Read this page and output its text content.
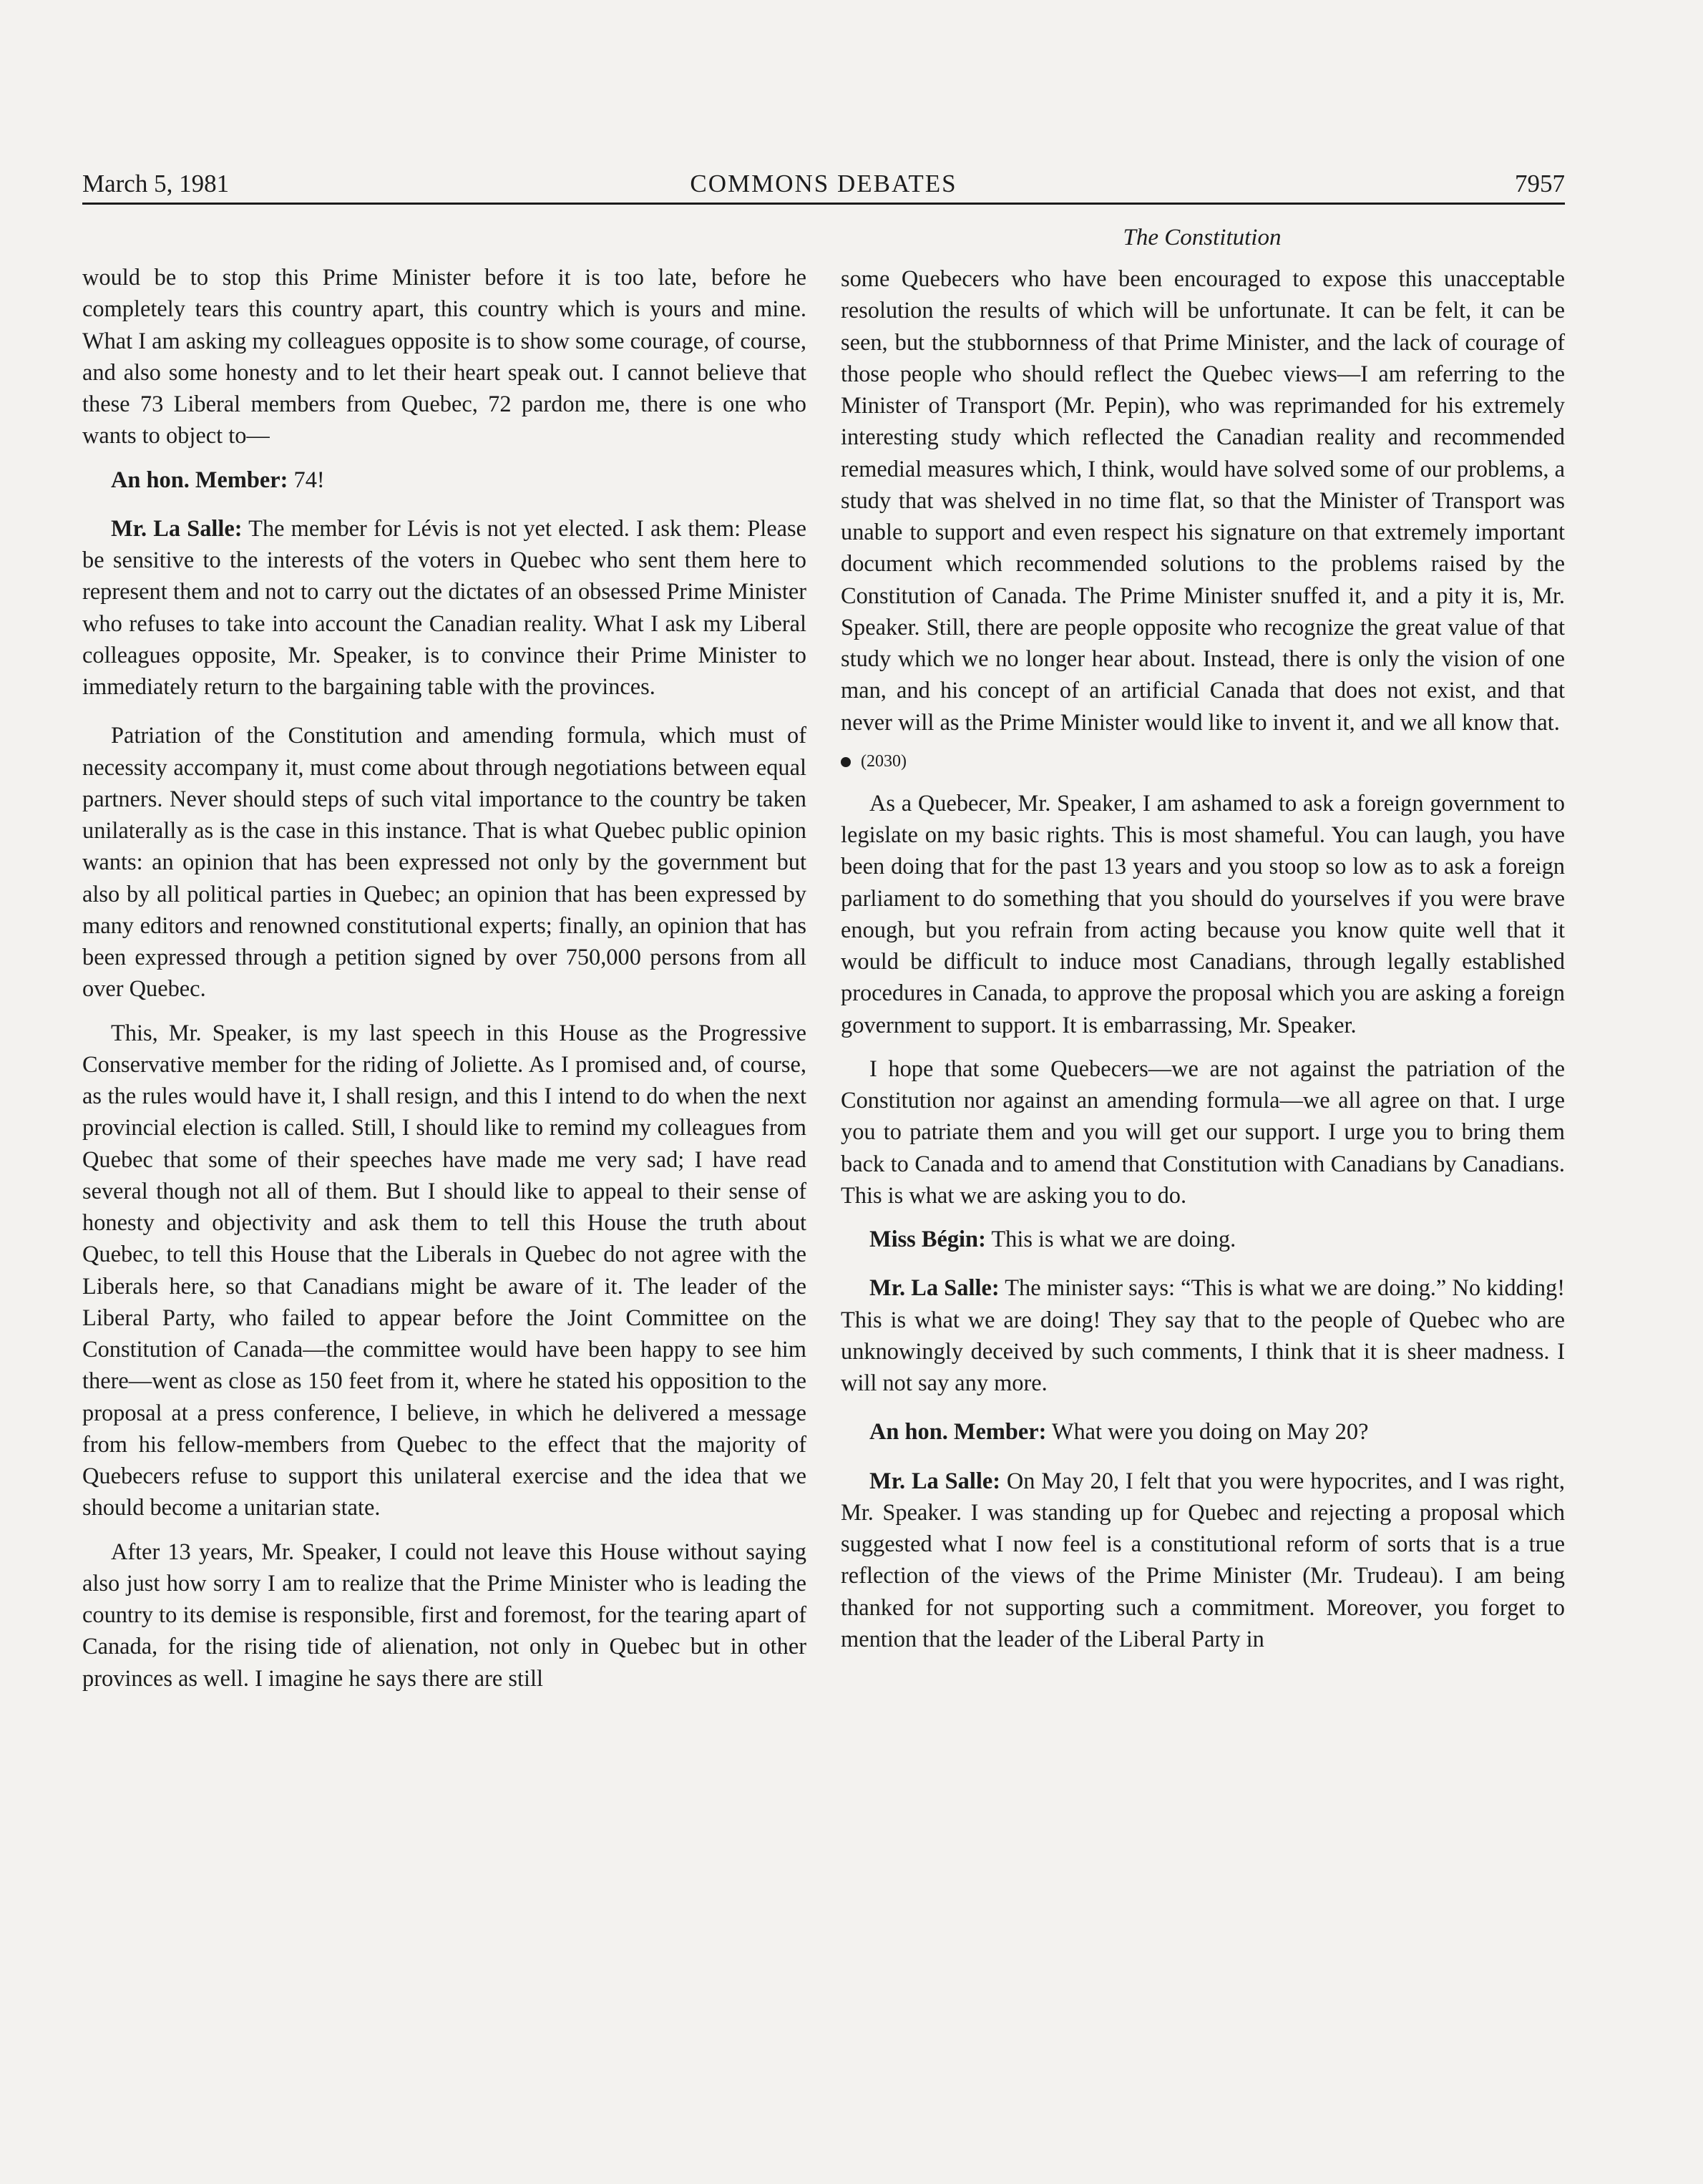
March 5, 1981	COMMONS DEBATES	7957
The Constitution

would be to stop this Prime Minister before it is too late, before he completely tears this country apart, this country which is yours and mine. What I am asking my colleagues opposite is to show some courage, of course, and also some honesty and to let their heart speak out. I cannot believe that these 73 Liberal members from Quebec, 72 pardon me, there is one who wants to object to—

An hon. Member: 74!

Mr. La Salle: The member for Lévis is not yet elected. I ask them: Please be sensitive to the interests of the voters in Quebec who sent them here to represent them and not to carry out the dictates of an obsessed Prime Minister who refuses to take into account the Canadian reality. What I ask my Liberal colleagues opposite, Mr. Speaker, is to convince their Prime Minister to immediately return to the bargaining table with the provinces.

Patriation of the Constitution and amending formula, which must of necessity accompany it, must come about through negotiations between equal partners. Never should steps of such vital importance to the country be taken unilaterally as is the case in this instance. That is what Quebec public opinion wants: an opinion that has been expressed not only by the government but also by all political parties in Quebec; an opinion that has been expressed by many editors and renowned constitutional experts; finally, an opinion that has been expressed through a petition signed by over 750,000 persons from all over Quebec.

This, Mr. Speaker, is my last speech in this House as the Progressive Conservative member for the riding of Joliette. As I promised and, of course, as the rules would have it, I shall resign, and this I intend to do when the next provincial election is called. Still, I should like to remind my colleagues from Quebec that some of their speeches have made me very sad; I have read several though not all of them. But I should like to appeal to their sense of honesty and objectivity and ask them to tell this House the truth about Quebec, to tell this House that the Liberals in Quebec do not agree with the Liberals here, so that Canadians might be aware of it. The leader of the Liberal Party, who failed to appear before the Joint Committee on the Constitution of Canada—the committee would have been happy to see him there—went as close as 150 feet from it, where he stated his opposition to the proposal at a press conference, I believe, in which he delivered a message from his fellow-members from Quebec to the effect that the majority of Quebecers refuse to support this unilateral exercise and the idea that we should become a unitarian state.

After 13 years, Mr. Speaker, I could not leave this House without saying also just how sorry I am to realize that the Prime Minister who is leading the country to its demise is responsible, first and foremost, for the tearing apart of Canada, for the rising tide of alienation, not only in Quebec but in other provinces as well. I imagine he says there are still

some Quebecers who have been encouraged to expose this unacceptable resolution the results of which will be unfortunate. It can be felt, it can be seen, but the stubbornness of that Prime Minister, and the lack of courage of those people who should reflect the Quebec views—I am referring to the Minister of Transport (Mr. Pepin), who was reprimanded for his extremely interesting study which reflected the Canadian reality and recommended remedial measures which, I think, would have solved some of our problems, a study that was shelved in no time flat, so that the Minister of Transport was unable to support and even respect his signature on that extremely important document which recommended solutions to the problems raised by the Constitution of Canada. The Prime Minister snuffed it, and a pity it is, Mr. Speaker. Still, there are people opposite who recognize the great value of that study which we no longer hear about. Instead, there is only the vision of one man, and his concept of an artificial Canada that does not exist, and that never will as the Prime Minister would like to invent it, and we all know that.

(2030)

As a Quebecer, Mr. Speaker, I am ashamed to ask a foreign government to legislate on my basic rights. This is most shameful. You can laugh, you have been doing that for the past 13 years and you stoop so low as to ask a foreign parliament to do something that you should do yourselves if you were brave enough, but you refrain from acting because you know quite well that it would be difficult to induce most Canadians, through legally established procedures in Canada, to approve the proposal which you are asking a foreign government to support. It is embarrassing, Mr. Speaker.

I hope that some Quebecers—we are not against the patriation of the Constitution nor against an amending formula—we all agree on that. I urge you to patriate them and you will get our support. I urge you to bring them back to Canada and to amend that Constitution with Canadians by Canadians. This is what we are asking you to do.

Miss Bégin: This is what we are doing.

Mr. La Salle: The minister says: “This is what we are doing.” No kidding! This is what we are doing! They say that to the people of Quebec who are unknowingly deceived by such comments, I think that it is sheer madness. I will not say any more.

An hon. Member: What were you doing on May 20?

Mr. La Salle: On May 20, I felt that you were hypocrites, and I was right, Mr. Speaker. I was standing up for Quebec and rejecting a proposal which suggested what I now feel is a constitutional reform of sorts that is a true reflection of the views of the Prime Minister (Mr. Trudeau). I am being thanked for not supporting such a commitment. Moreover, you forget to mention that the leader of the Liberal Party in
